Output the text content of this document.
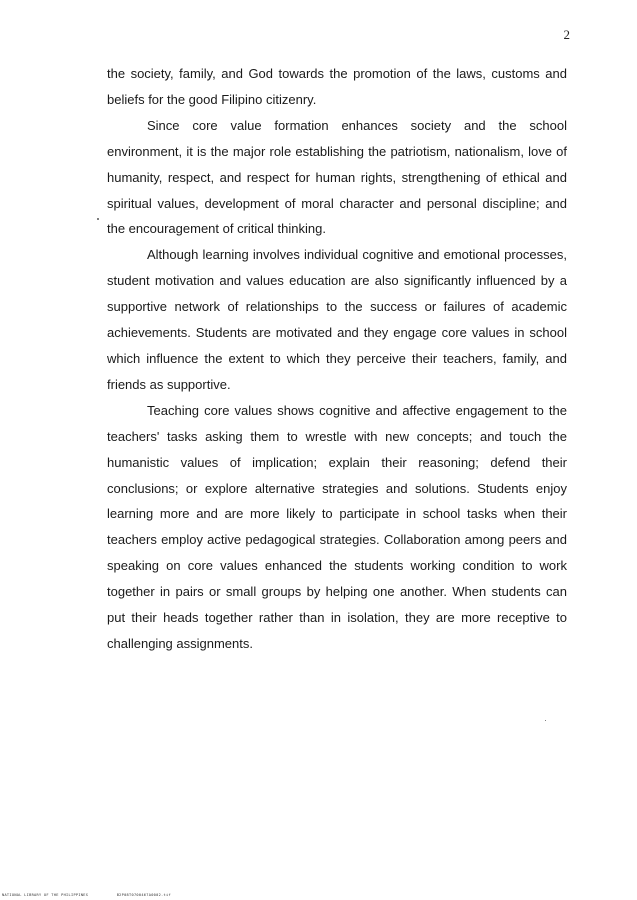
2

the society, family, and God towards the promotion of the laws, customs and beliefs for the good Filipino citizenry.

Since core value formation enhances society and the school environment, it is the major role establishing the patriotism, nationalism, love of humanity, respect, and respect for human rights, strengthening of ethical and spiritual values, development of moral character and personal discipline; and the encouragement of critical thinking.

Although learning involves individual cognitive and emotional processes, student motivation and values education are also significantly influenced by a supportive network of relationships to the success or failures of academic achievements. Students are motivated and they engage core values in school which influence the extent to which they perceive their teachers, family, and friends as supportive.

Teaching core values shows cognitive and affective engagement to the teachers' tasks asking them to wrestle with new concepts; and touch the humanistic values of implication; explain their reasoning; defend their conclusions; or explore alternative strategies and solutions. Students enjoy learning more and are more likely to participate in school tasks when their teachers employ active pedagogical strategies. Collaboration among peers and speaking on core values enhanced the students working condition to work together in pairs or small groups by helping one another. When students can put their heads together rather than in isolation, they are more receptive to challenging assignments.

NATIONAL LIBRARY OF THE PHILIPPINES	B2P08T0700467A0002.tif
